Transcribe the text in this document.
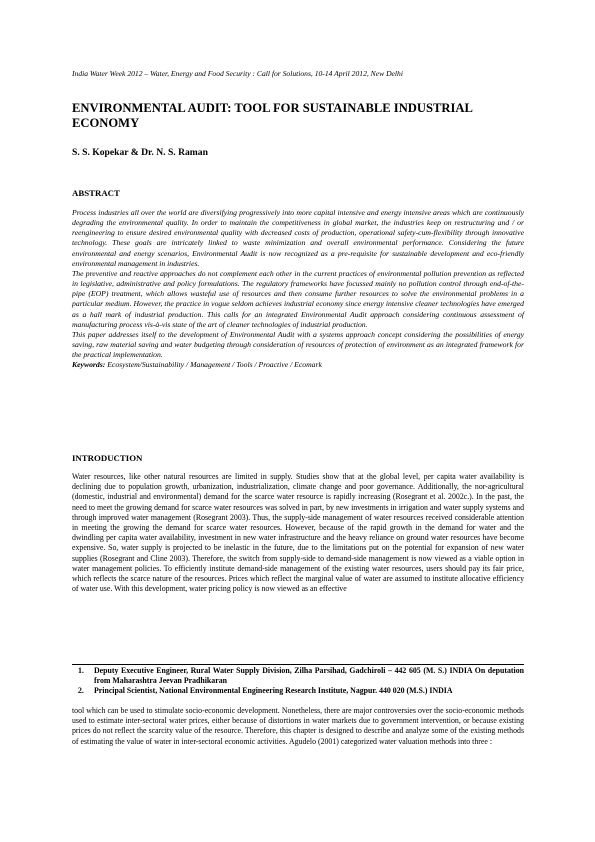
India Water Week 2012 – Water, Energy and Food Security : Call for Solutions, 10-14 April 2012, New Delhi
ENVIRONMENTAL AUDIT: TOOL FOR SUSTAINABLE INDUSTRIAL ECONOMY
S. S. Kopekar & Dr. N. S. Raman
ABSTRACT

Process industries all over the world are diversifying progressively into more capital intensive and energy intensive areas which are continuously degrading the environmental quality. In order to maintain the competitiveness in global market, the industries keep on restructuring and / or reengineering to ensure desired environmental quality with decreased costs of production, operational safety-cum-flexibility through innovative technology. These goals are intricately linked to waste minimization and overall environmental performance. Considering the future environmental and energy scenarios, Environmental Audit is now recognized as a pre-requisite for sustainable development and eco-friendly environmental management in industries.

The preventive and reactive approaches do not complement each other in the current practices of environmental pollution prevention as reflected in legislative, administrative and policy formulations. The regulatory frameworks have focussed mainly no pollution control through end-of-the-pipe (EOP) treatment, which allows wasteful use of resources and then consume further resources to solve the environmental problems in a particular medium. However, the practice in vogue seldom achieves industrial economy since energy intensive cleaner technologies have emerged as a hall mark of industrial production. This calls for an integrated Environmental Audit approach considering continuous assessment of manufacturing process vis-à-vis state of the art of cleaner technologies of industrial production.

This paper addresses itself to the development of Environmental Audit with a systems approach concept considering the possibilities of energy saving, raw material saving and water budgeting through consideration of resources of protection of environment as an integrated framework for the practical implementation.

Keywords: Ecosystem/Sustainability / Management / Tools / Proactive / Ecomark

INTRODUCTION

Water resources, like other natural resources are limited in supply. Studies show that at the global level, per capita water availability is declining due to population growth, urbanization, industrialization, climate change and poor governance. Additionally, the nor-agricultural (domestic, industrial and environmental) demand for the scarce water resource is rapidly increasing (Rosegrant et al. 2002c.). In the past, the need to meet the growing demand for scarce water resources was solved in part, by new investments in irrigation and water supply systems and through improved water management (Rosegrant 2003). Thus, the supply-side management of water resources received considerable attention in meeting the growing the demand for scarce water resources. However, because of the rapid growth in the demand for water and the dwindling per capita water availability, investment in new water infrastructure and the heavy reliance on ground water resources have become expensive. So, water supply is projected to be inelastic in the future, due to the limitations put on the potential for expansion of new water supplies (Rosegrant and Cline 2003). Therefore, the switch from supply-side to demand-side management is now viewed as a viable option in water management policies. To efficiently institute demand-side management of the existing water resources, users should pay its fair price, which reflects the scarce nature of the resources. Prices which reflect the marginal value of water are assumed to institute allocative efficiency of water use. With this development, water pricing policy is now viewed as an effective

1. Deputy Executive Engineer, Rural Water Supply Division, Zilha Parsihad, Gadchiroli – 442 605 (M. S.) INDIA On deputation from Maharashtra Jeevan Pradhikaran
2. Principal Scientist, National Environmental Engineering Research Institute, Nagpur. 440 020 (M.S.) INDIA

tool which can be used to stimulate socio-economic development. Nonetheless, there are major controversies over the socio-economic methods used to estimate inter-sectoral water prices, either because of distortions in water markets due to government intervention, or because existing prices do not reflect the scarcity value of the resource. Therefore, this chapter is designed to describe and analyze some of the existing methods of estimating the value of water in inter-sectoral economic activities. Agudelo (2001) categorized water valuation methods into three :
